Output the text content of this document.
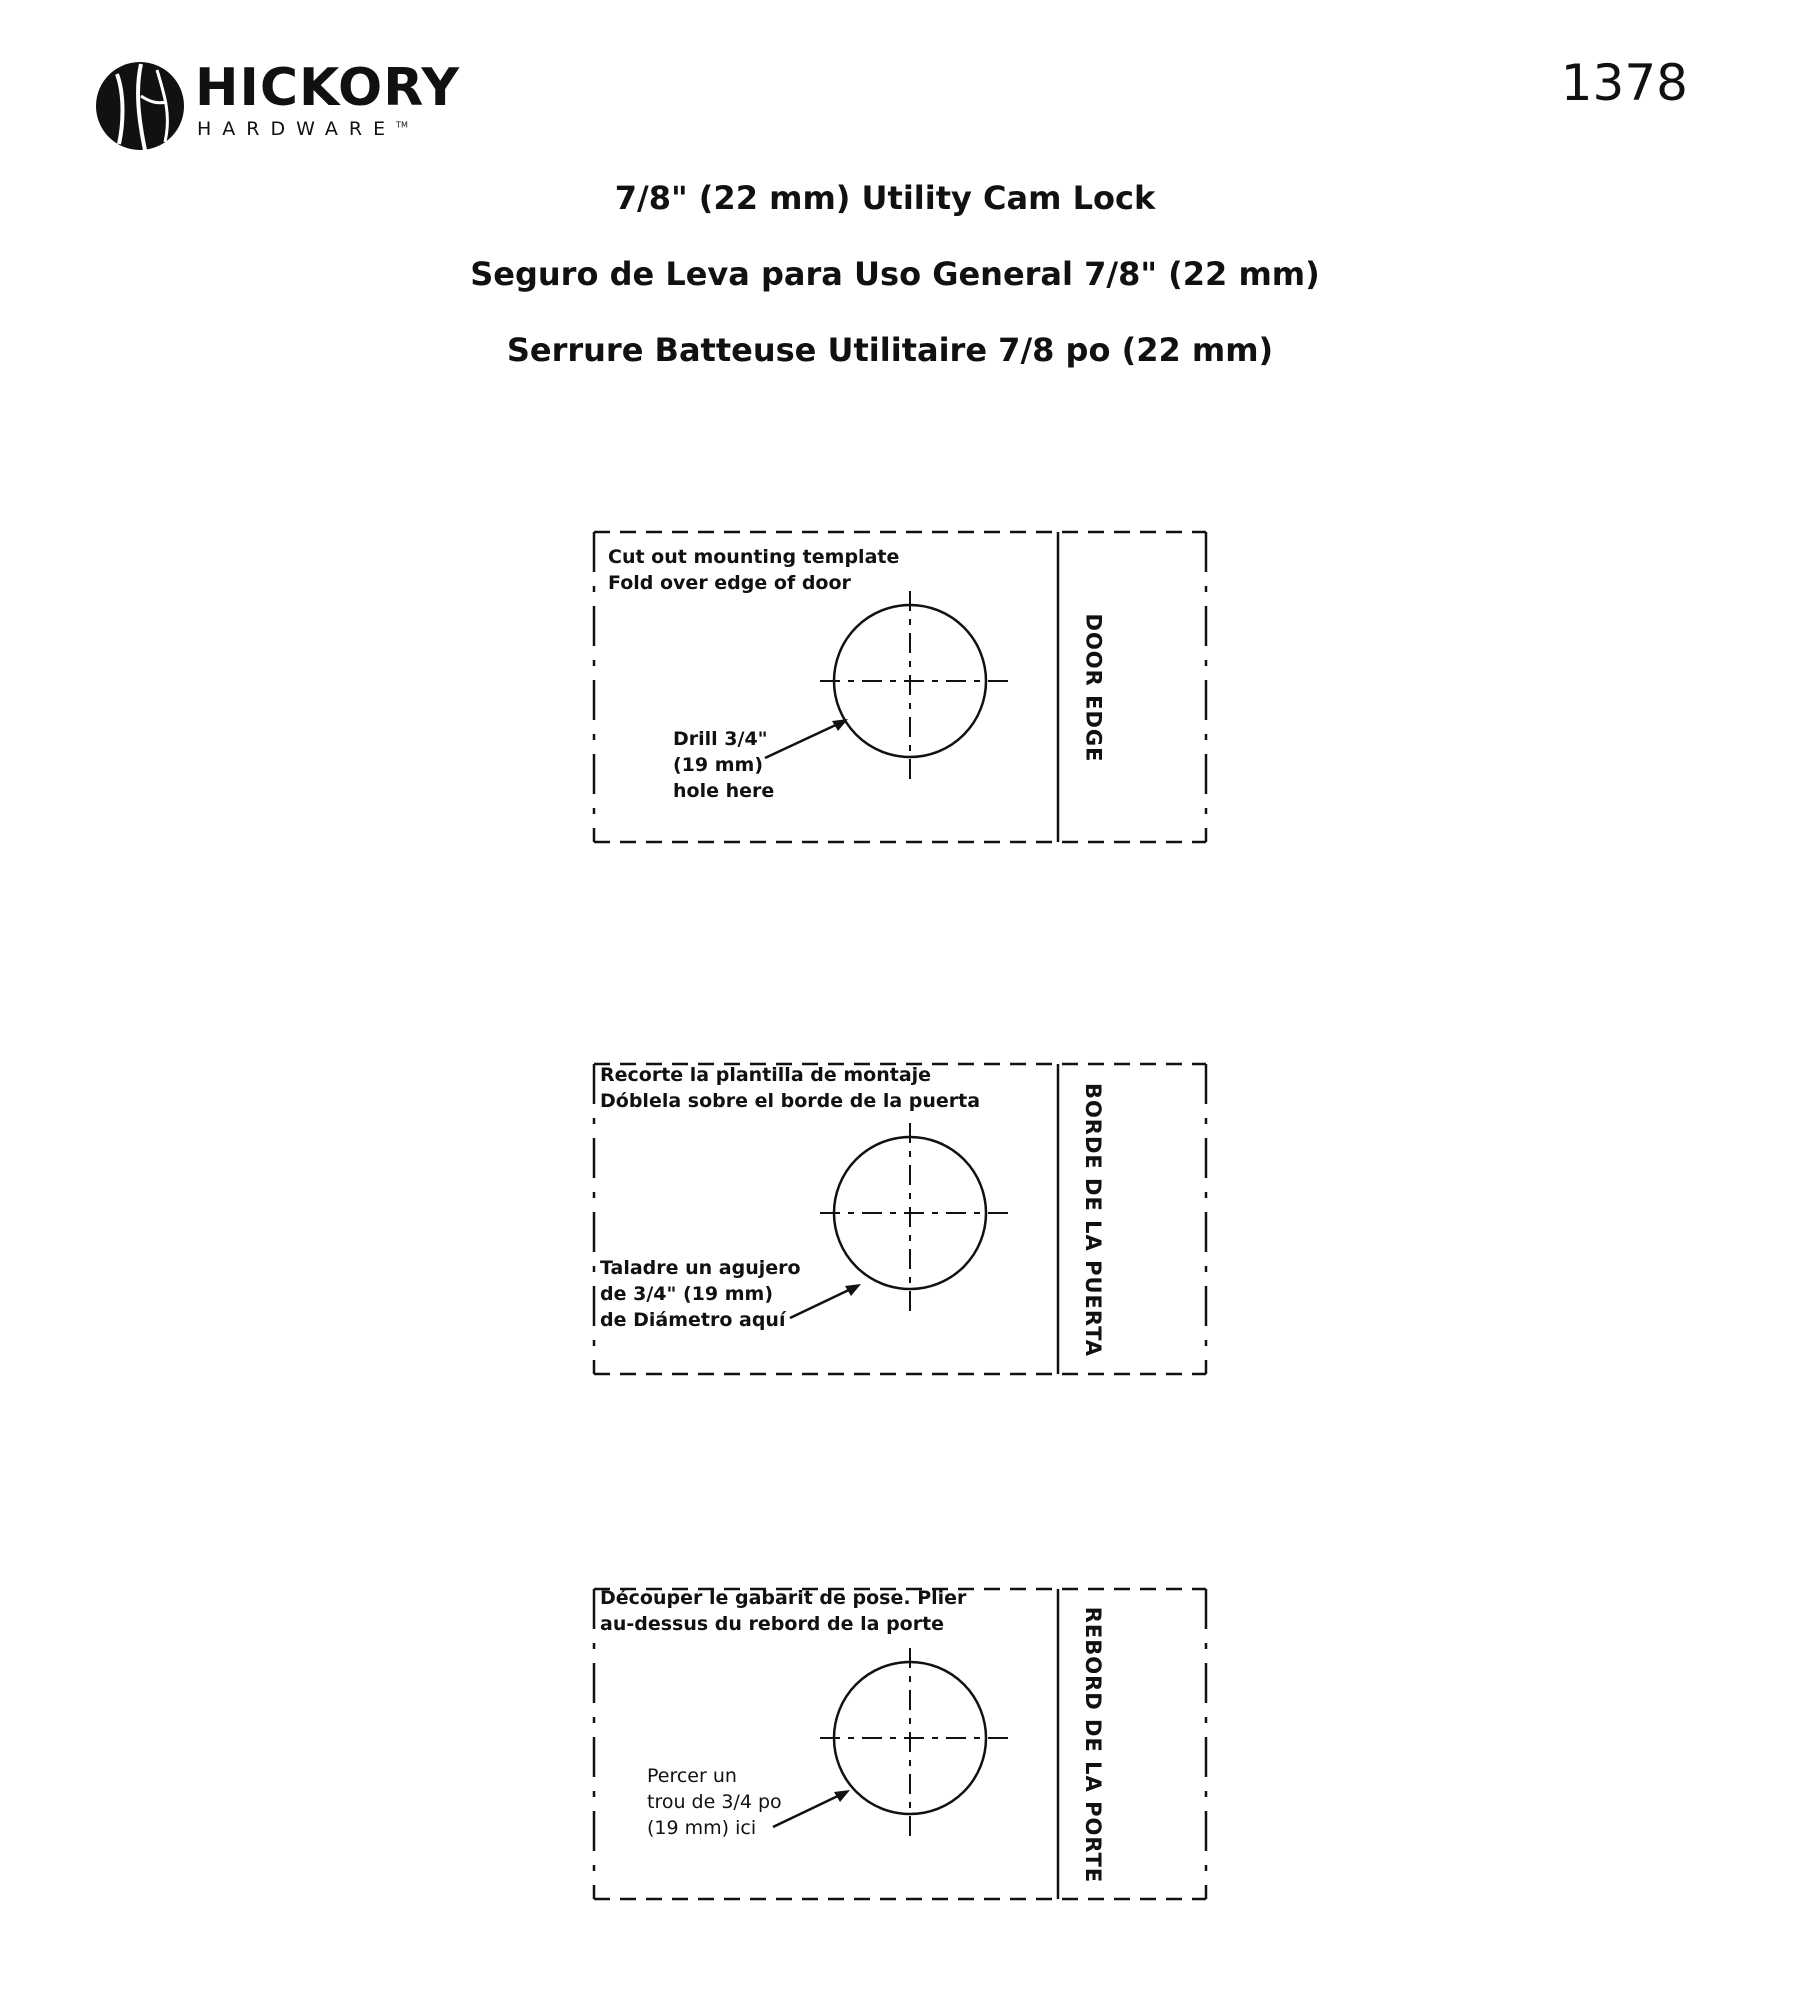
HICKORY
HARDWARE™
1378
7/8" (22 mm) Utility Cam Lock
Seguro de Leva para Uso General 7/8" (22 mm)
Serrure Batteuse Utilitaire 7/8 po (22 mm)
Cut out mounting template
Fold over edge of door
Drill 3/4"
(19 mm)
hole here
DOOR EDGE
Recorte la plantilla de montaje
Dóblela sobre el borde de la puerta
Taladre un agujero
de 3/4" (19 mm)
de Diámetro aquí	BORDE DE LA PUERTA
Découper le gabarit de pose. Plier
au-dessus du rebord de la porte
Percer un
trou de 3/4 po
(19 mm) ici	REBORD DE LA PORTE
